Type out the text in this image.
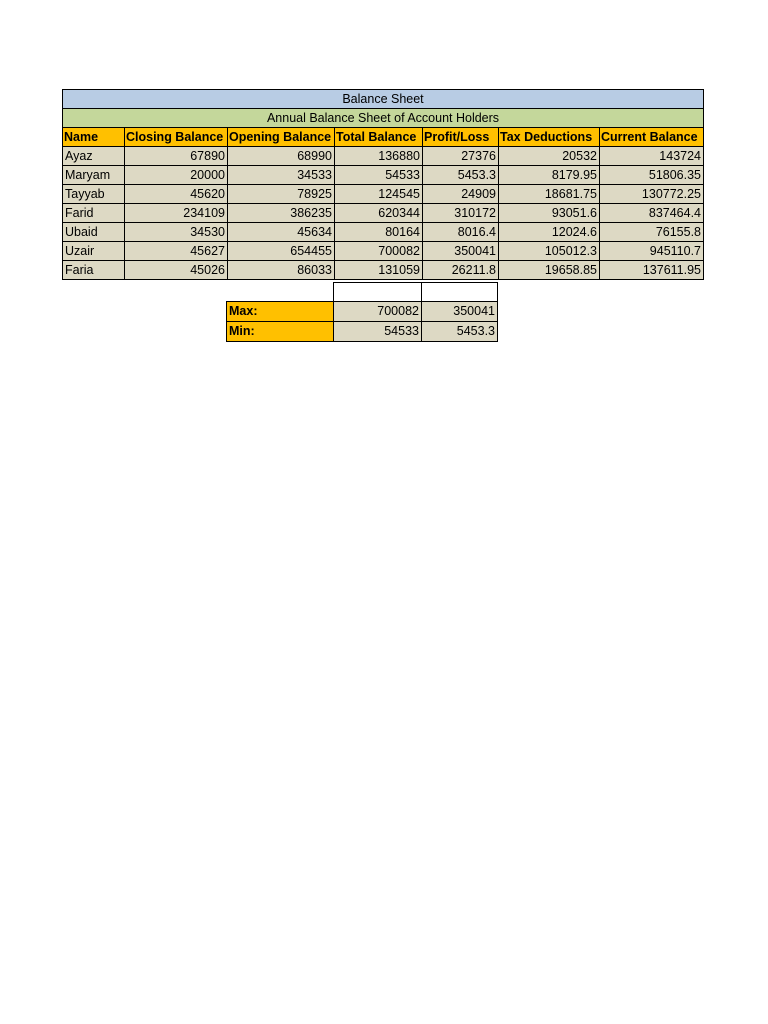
Balance Sheet						
Annual Balance Sheet of Account Holders						
Name	Closing Balance	Opening Balance	Total Balance	Profit/Loss	Tax Deductions	Current Balance
Ayaz	67890	68990	136880	27376	20532	143724
Maryam	20000	34533	54533	5453.3	8179.95	51806.35
Tayyab	45620	78925	124545	24909	18681.75	130772.25
Farid	234109	386235	620344	310172	93051.6	837464.4
Ubaid	34530	45634	80164	8016.4	12024.6	76155.8
Uzair	45627	654455	700082	350041	105012.3	945110.7
Faria	45026	86033	131059	26211.8	19658.85	137611.95

Max:	700082	350041
Min:	54533	5453.3
